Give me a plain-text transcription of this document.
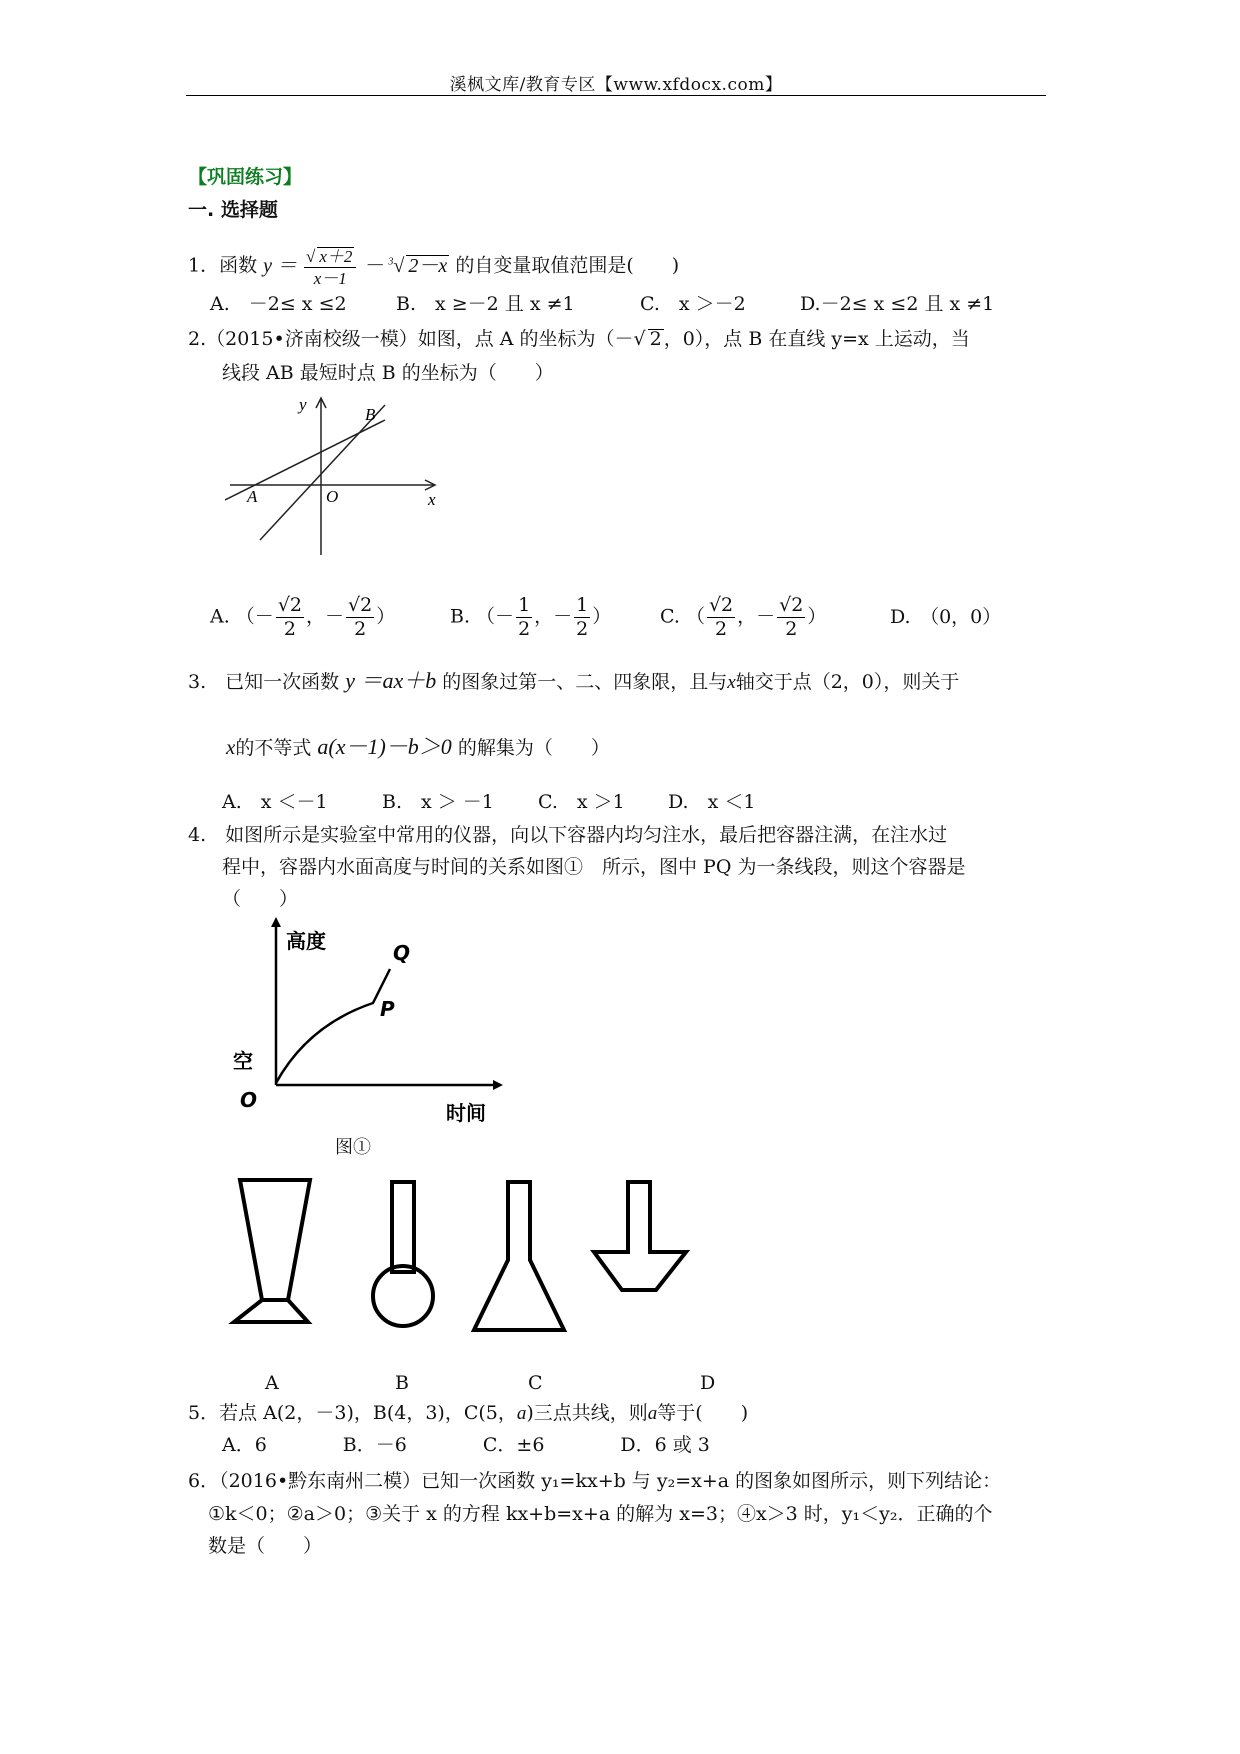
溪枫文库/教育专区【www.xfdocx.com】
【巩固练习】
一. 选择题
1．函数 $y = \frac{√ x+2}{x-1} - ^3√$ 2－x 的自变量取值范围是(　　)
A.　－2≤ x ≤2	B.　x ≥－2 且 x ≠1	C.　x ＞－2	D.－2≤ x ≤2 且 x ≠1
2.（2015•济南校级一模）如图，点 A 的坐标为（－√ 2 ，0），点 B 在直线 y=x 上运动，当
线段 AB 最短时点 B 的坐标为（　　）
y
B
A	O	x
A. （－ $\frac{√2}{2}$ ，－ $\frac{√2}{2}$ ）	B. （－ $\frac{1}{2}$ ，－ $\frac{1}{2}$ ）	C. （ $\frac{√2}{2}$ ，－ $\frac{√2}{2}$ ）	D.　（0，0）
3.　已知一次函数 y ＝ax＋b 的图象过第一、二、四象限，且与x轴交于点（2，0），则关于
x的不等式 a(x－1)－b＞0 的解集为（　　）
A.　x ＜－1	B.　x ＞ －1 C.　x ＞1 D.　x ＜1
4.　如图所示是实验室中常用的仪器，向以下容器内均匀注水，最后把容器注满，在注水过
程中，容器内水面高度与时间的关系如图①　所示，图中 PQ 为一条线段，则这个容器是
（　　）
高度	Q
P
空
O
时间
图①
A	B	C	D
5．若点 A(2，－3)，B(4，3)，C(5，a)三点共线，则a等于(　　)
A．6　　　　B．－6　　　　C．±6　　　　D．6 或 3
6．（2016•黔东南州二模）已知一次函数 y₁=kx+b 与 y₂=x+a 的图象如图所示，则下列结论：
①k＜0；②a＞0；③关于 x 的方程 kx+b=x+a 的解为 x=3；④x＞3 时，y₁＜y₂．正确的个
数是（　　）
